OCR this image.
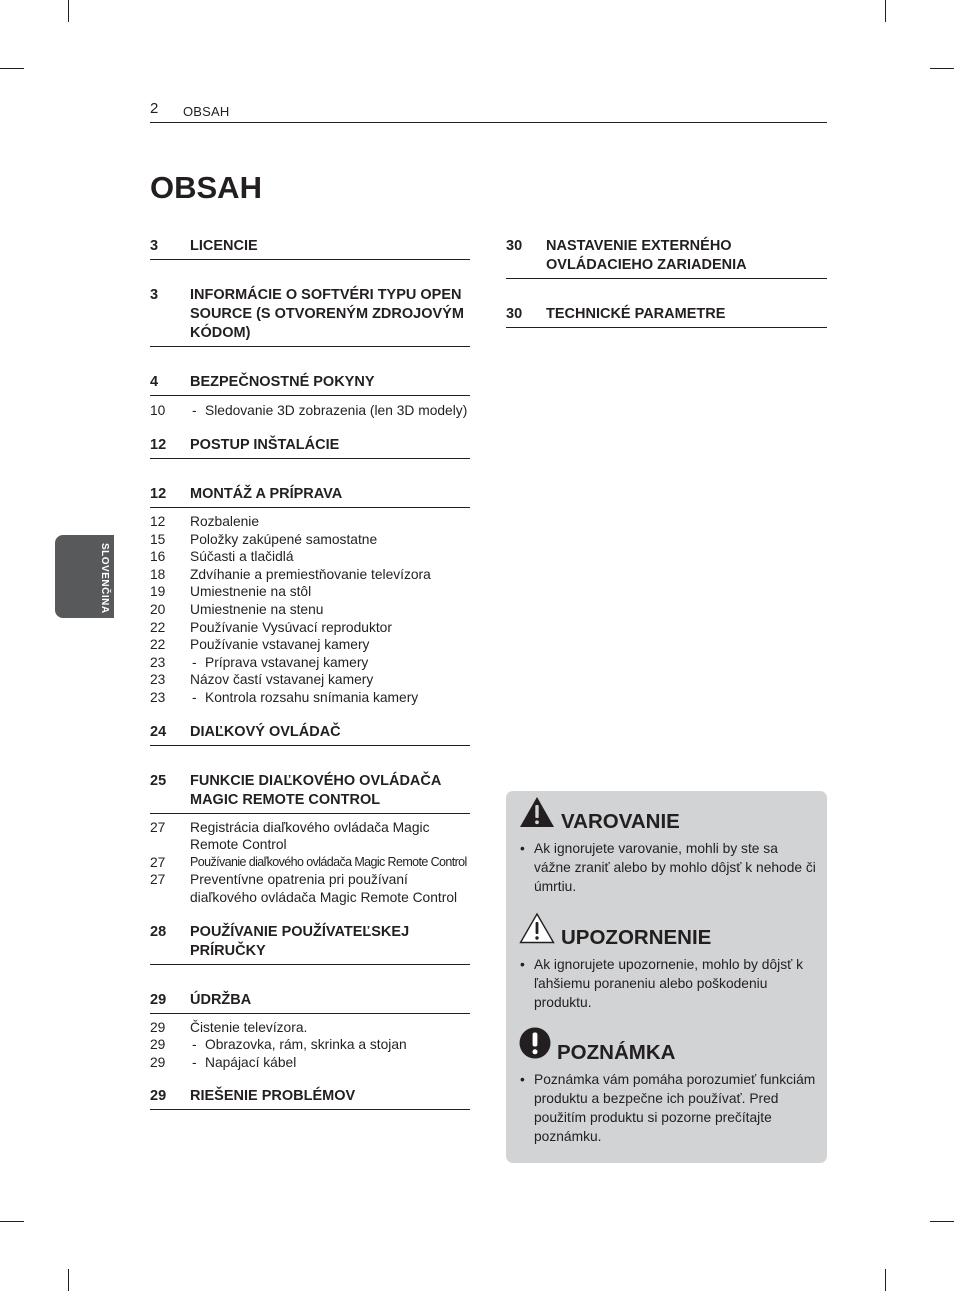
2 OBSAH
OBSAH
SLOVENČINA
3	LICENCIE
3	INFORMÁCIE O SOFTVÉRI TYPU OPEN SOURCE (S OTVORENÝM ZDROJOVÝM KÓDOM)
4	BEZPEČNOSTNÉ POKYNY
10	- Sledovanie 3D zobrazenia (len 3D modely)
12	POSTUP INŠTALÁCIE
12	MONTÁŽ A PRÍPRAVA
12	Rozbalenie
15	Položky zakúpené samostatne
16	Súčasti a tlačidlá
18	Zdvíhanie a premiestňovanie televízora
19	Umiestnenie na stôl
20	Umiestnenie na stenu
22	Používanie Vysúvací reproduktor
22	Používanie vstavanej kamery
23	- Príprava vstavanej kamery
23	Názov častí vstavanej kamery
23	- Kontrola rozsahu snímania kamery
24	DIAĽKOVÝ OVLÁDAČ
25	FUNKCIE DIAĽKOVÉHO OVLÁDAČA MAGIC REMOTE CONTROL
27	Registrácia diaľkového ovládača Magic Remote Control
27	Používanie diaľkového ovládača Magic Remote Control
27	Preventívne opatrenia pri používaní diaľkového ovládača Magic Remote Control
28	POUŽÍVANIE POUŽÍVATEĽSKEJ PRÍRUČKY
29	ÚDRŽBA
29	Čistenie televízora.
29	- Obrazovka, rám, skrinka a stojan
29	- Napájací kábel
29	RIEŠENIE PROBLÉMOV
30	NASTAVENIE EXTERNÉHO OVLÁDACIEHO ZARIADENIA
30	TECHNICKÉ PARAMETRE
VAROVANIE
• Ak ignorujete varovanie, mohli by ste sa vážne zraniť alebo by mohlo dôjsť k nehode či úmrtiu.
UPOZORNENIE
• Ak ignorujete upozornenie, mohlo by dôjsť k ľahšiemu poraneniu alebo poškodeniu produktu.
POZNÁMKA
• Poznámka vám pomáha porozumieť funkciám produktu a bezpečne ich používať. Pred použitím produktu si pozorne prečítajte poznámku.
